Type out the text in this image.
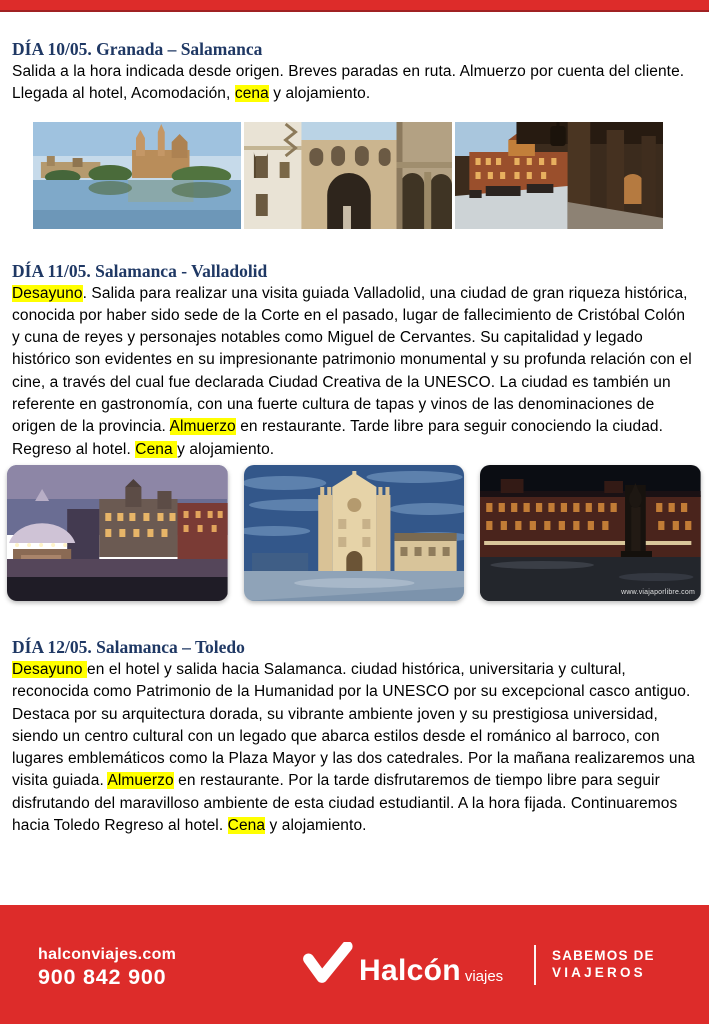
DÍA 10/05. Granada – Salamanca

Salida a la hora indicada desde origen. Breves paradas en ruta. Almuerzo por cuenta del cliente. Llegada al hotel, Acomodación, cena y alojamiento.

DÍA 11/05. Salamanca - Valladolid

Desayuno. Salida para realizar una visita guiada Valladolid, una ciudad de gran riqueza histórica, conocida por haber sido sede de la Corte en el pasado, lugar de fallecimiento de Cristóbal Colón y cuna de reyes y personajes notables como Miguel de Cervantes. Su capitalidad y legado histórico son evidentes en su impresionante patrimonio monumental y su profunda relación con el cine, a través del cual fue declarada Ciudad Creativa de la UNESCO. La ciudad es también un referente en gastronomía, con una fuerte cultura de tapas y vinos de las denominaciones de origen de la provincia. Almuerzo en restaurante. Tarde libre para seguir conociendo la ciudad. Regreso al hotel. Cena y alojamiento.

www.viajaporlibre.com
DÍA 12/05. Salamanca – Toledo

Desayuno en el hotel y salida hacia Salamanca. ciudad histórica, universitaria y cultural, reconocida como Patrimonio de la Humanidad por la UNESCO por su excepcional casco antiguo. Destaca por su arquitectura dorada, su vibrante ambiente joven y su prestigiosa universidad, siendo un centro cultural con un legado que abarca estilos desde el románico al barroco, con lugares emblemáticos como la Plaza Mayor y las dos catedrales. Por la mañana realizaremos una visita guiada. Almuerzo en restaurante. Por la tarde disfrutaremos de tiempo libre para seguir disfrutando del maravilloso ambiente de esta ciudad estudiantil. A la hora fijada. Continuaremos hacia Toledo Regreso al hotel. Cena y alojamiento.

halconviajes.com
900 842 900	Halcón viajes
SABEMOS DE
VIAJEROS
